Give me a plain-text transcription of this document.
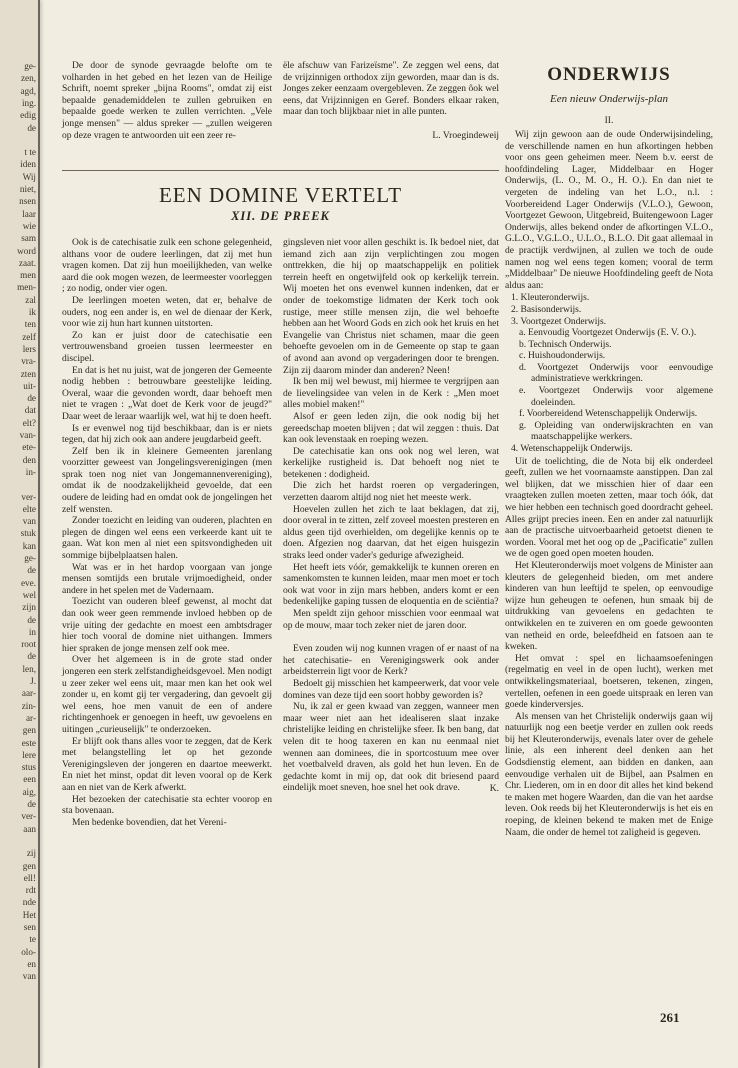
ge-
zen,
agd,
ing.
edig
de
t te
iden
Wij
niet,
nsen
laar
wie
sam
word
zaat.
men
men-
zal
ik
ten
zelf
lers
vra-
zten
uit-
de
dat
elt?
van-
ete-
den
in-
ver-
elte
van
stuk
kan
ge-
de
eve.
wel
zijn
de
in
root
de
len,
J.
aar-
zin-
ar-
gen
este
lere
stus
een
aig,
de
ver-
aan
zij
gen
ell!
rdt
nde
Het
sen
te
olo-
en
van

De door de synode gevraagde belofte om te volharden in het gebed en het lezen van de Heilige Schrift, noemt spreker „bijna Rooms", omdat zij eist bepaalde genademiddelen te zullen gebruiken en bepaalde goede werken te zullen verrichten. „Vele jonge mensen" — aldus spreker — „zullen weigeren op deze vragen te antwoorden uit een zeer re-

ële afschuw van Farizeïsme". Ze zeggen wel eens, dat de vrijzinnigen orthodox zijn geworden, maar dan is ds. Jonges zeker eenzaam overgebleven. Ze zeggen ôok wel eens, dat Vrijzinnigen en Geref. Bonders elkaar raken, maar dan toch blijkbaar niet in alle punten.

L. Vroegindeweij
EEN DOMINE VERTELT
XII. DE PREEK

Ook is de catechisatie zulk een schone gelegenheid, althans voor de oudere leerlingen, dat zij met hun vragen komen. Dat zij hun moeilijkheden, van welke aard die ook mogen wezen, de leermeester voorleggen ; zo nodig, onder vier ogen.

De leerlingen moeten weten, dat er, behalve de ouders, nog een ander is, en wel de dienaar der Kerk, voor wie zij hun hart kunnen uitstorten.

Zo kan er juist door de catechisatie een vertrouwensband groeien tussen leermeester en discipel.

En dat is het nu juist, wat de jongeren der Gemeente nodig hebben : betrouwbare geestelijke leiding. Overal, waar die gevonden wordt, daar behoeft men niet te vragen : „Wat doet de Kerk voor de jeugd?" Daar weet de leraar waarlijk wel, wat hij te doen heeft.

Is er evenwel nog tijd beschikbaar, dan is er niets tegen, dat hij zich ook aan andere jeugdarbeid geeft.

Zelf ben ik in kleinere Gemeenten jarenlang voorzitter geweest van Jongelingsverenigingen (men sprak toen nog niet van Jongemannenvereniging), omdat ik de noodzakelijkheid gevoelde, dat een oudere de leiding had en omdat ook de jongelingen het zelf wensten.

Zonder toezicht en leiding van ouderen, plachten en plegen de dingen wel eens een verkeerde kant uit te gaan. Wat kon men al niet een spitsvondigheden uit sommige bijbelplaatsen halen.

Wat was er in het hardop voorgaan van jonge mensen somtijds een brutale vrijmoedigheid, onder andere in het spelen met de Vadernaam.

Toezicht van ouderen bleef gewenst, al mocht dat dan ook weer geen remmende invloed hebben op de vrije uiting der gedachte en moest een ambtsdrager hier toch vooral de domine niet uithangen. Immers hier spraken de jonge mensen zelf ook mee.

Over het algemeen is in de grote stad onder jongeren een sterk zelfstandigheidsgevoel. Men nodigt u zeer zeker wel eens uit, maar men kan het ook wel zonder u, en komt gij ter vergadering, dan gevoelt gij wel eens, hoe men vanuit de een of andere richtingenhoek er genoegen in heeft, uw gevoelens en uitingen „curieuselijk" te onderzoeken.

Er blijft ook thans alles voor te zeggen, dat de Kerk met belangstelling let op het gezonde Verenigingsleven der jongeren en daartoe meewerkt. En niet het minst, opdat dit leven vooral op de Kerk aan en niet van de Kerk afwerkt.

Het bezoeken der catechisatie sta echter voorop en sta bovenaan.

Men bedenke bovendien, dat het Vereni-

gingsleven niet voor allen geschikt is. Ik bedoel niet, dat iemand zich aan zijn verplichtingen zou mogen onttrekken, die hij op maatschappelijk en politiek terrein heeft en ongetwijfeld ook op kerkelijk terrein. Wij moeten het ons evenwel kunnen indenken, dat er onder de toekomstige lidmaten der Kerk toch ook rustige, meer stille mensen zijn, die wel behoefte hebben aan het Woord Gods en zich ook het kruis en het Evangelie van Christus niet schamen, maar die geen behoefte gevoelen om in de Gemeente op stap te gaan of avond aan avond op vergaderingen door te brengen. Zijn zij daarom minder dan anderen? Neen!

Ik ben mij wel bewust, mij hiermee te vergrijpen aan de lievelingsidee van velen in de Kerk : „Men moet alles mobiel maken!"

Alsof er geen leden zijn, die ook nodig bij het gereedschap moeten blijven ; dat wil zeggen : thuis. Dat kan ook levenstaak en roeping wezen.

De catechisatie kan ons ook nog wel leren, wat kerkelijke rustigheid is. Dat behoeft nog niet te betekenen : dodigheid.

Die zich het hardst roeren op vergaderingen, verzetten daarom altijd nog niet het meeste werk.

Hoevelen zullen het zich te laat beklagen, dat zij, door overal in te zitten, zelf zoveel moesten presteren en aldus geen tijd overhielden, om degelijke kennis op te doen. Afgezien nog daarvan, dat het eigen huisgezin straks leed onder vader's gedurige afwezigheid.

Het heeft iets vóór, gemakkelijk te kunnen oreren en samenkomsten te kunnen leiden, maar men moet er toch ook wat voor in zijn mars hebben, anders komt er een bedenkelijke gaping tussen de eloquentia en de sciëntia?

Men speldt zijn gehoor misschien voor eenmaal wat op de mouw, maar toch zeker niet de jaren door.

Even zouden wij nog kunnen vragen of er naast of na het catechisatie- en Verenigingswerk ook ander arbeidsterrein ligt voor de Kerk?

Bedoelt gij misschien het kampeerwerk, dat voor vele domines van deze tijd een soort hobby geworden is?

Nu, ik zal er geen kwaad van zeggen, wanneer men maar weer niet aan het idealiseren slaat inzake christelijke leiding en christelijke sfeer. Ik ben bang, dat velen dit te hoog taxeren en kan nu eenmaal niet wennen aan dominees, die in sportcostuum mee over het voetbalveld draven, als gold het hun leven. En de gedachte komt in mij op, dat ook dit briesend paard eindelijk moet sneven, hoe snel het ook drave.	K.
ONDERWIJS
Een nieuw Onderwijs-plan
II.

Wij zijn gewoon aan de oude Onderwijsindeling, de verschillende namen en hun afkortingen hebben voor ons geen geheimen meer. Neem b.v. eerst de hoofdindeling Lager, Middelbaar en Hoger Onderwijs, (L. O., M. O., H. O.). En dan niet te vergeten de indeling van het L.O., n.l. : Voorbereidend Lager Onderwijs (V.L.O.), Gewoon, Voortgezet Gewoon, Uitgebreid, Buitengewoon Lager Onderwijs, alles bekend onder de afkortingen V.L.O., G.L.O., V.G.L.O., U.L.O., B.L.O. Dit gaat allemaal in de practijk verdwijnen, al zullen we toch de oude namen nog wel eens tegen komen; vooral de term „Middelbaar" De nieuwe Hoofdindeling geeft de Nota aldus aan:

1. Kleuteronderwijs.
2. Basisonderwijs.
3. Voortgezet Onderwijs.
a. Eenvoudig Voortgezet Onderwijs (E. V. O.).
b. Technisch Onderwijs.
c. Huishoudonderwijs.
d. Voortgezet Onderwijs voor eenvoudige administratieve werkkringen.
e. Voortgezet Onderwijs voor algemene doeleinden.
f. Voorbereidend Wetenschappelijk Onderwijs.
g. Opleiding van onderwijskrachten en van maatschappelijke werkers.
4. Wetenschappelijk Onderwijs.

Uit de toelichting, die de Nota bij elk onderdeel geeft, zullen we het voornaamste aanstippen. Dan zal wel blijken, dat we misschien hier of daar een vraagteken zullen moeten zetten, maar toch óók, dat we hier hebben een technisch goed doordracht geheel. Alles grijpt precies ineen. Een en ander zal natuurlijk aan de practische uitvoerbaarheid getoetst dienen te worden. Vooral met het oog op de „Pacificatie" zullen we de ogen goed open moeten houden.

Het Kleuteronderwijs moet volgens de Minister aan kleuters de gelegenheid bieden, om met andere kinderen van hun leeftijd te spelen, op eenvoudige wijze hun geheugen te oefenen, hun smaak bij de uitdrukking van gevoelens en gedachten te ontwikkelen en te zuiveren en om goede gewoonten van netheid en orde, beleefdheid en fatsoen aan te kweken.

Het omvat : spel en lichaamsoefeningen (regelmatig en veel in de open lucht), werken met ontwikkelingsmateriaal, boetseren, tekenen, zingen, vertellen, oefenen in een goede uitspraak en leren van goede kinderversjes.

Als mensen van het Christelijk onderwijs gaan wij natuurlijk nog een beetje verder en zullen ook reeds bij het Kleuteronderwijs, evenals later over de gehele linie, als een inherent deel denken aan het Godsdienstig element, aan bidden en danken, aan eenvoudige verhalen uit de Bijbel, aan Psalmen en Chr. Liederen, om in en door dit alles het kind bekend te maken met hogere Waarden, dan die van het aardse leven. Ook reeds bij het Kleuteronderwijs is het eis en roeping, de kleinen bekend te maken met de Enige Naam, die onder de hemel tot zaligheid is gegeven.

261
